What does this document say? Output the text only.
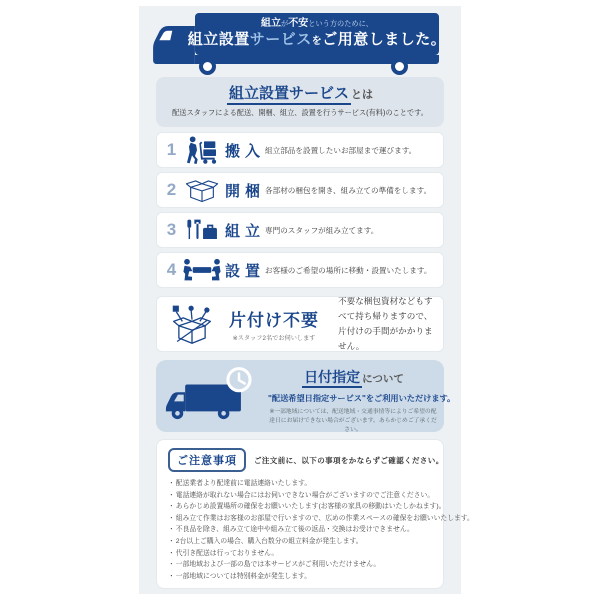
組立が不安という方のために、
組立設置サービスをご用意しました。
組立設置サービス とは
配送スタッフによる配送、開梱、組立、設置を行うサービス(有料)のことです。
1	搬入 組立部品を設置したいお部屋まで運びます。
2	開梱 各部材の梱包を開き、組み立ての準備をします。
3	組立 専門のスタッフが組み立てます。
4	設置 お客様のご希望の場所に移動・設置いたします。
片付け不要
※スタッフ2名でお伺いします
不要な梱包資材などもすべて持ち帰りますので、片付けの手間がかかりません。
日付指定 について
"配送希望日指定サービス"をご利用いただけます。
※一部地域については、配送地域・交通事情等によりご希望の配達日にお届けできない場合がございます。あらかじめご了承ください。
ご注意事項	ご注文前に、以下の事項をかならずご確認ください。
・ 配送業者より配達前に電話連絡いたします。
・ 電話連絡が取れない場合にはお伺いできない場合がございますのでご注意ください。
・ あらかじめ設置場所の確保をお願いいたします(お客様の家具の移動はいたしかねます)。
・ 組み立て作業はお客様のお部屋で行いますので、広めの作業スペースの確保をお願いいたします。
・ 不良品を除き、組み立て途中や組み立て後の返品・交換はお受けできません。
・ 2台以上ご購入の場合、購入台数分の組立料金が発生します。
・ 代引き配送は行っておりません。
・ 一部地域および一部の島では本サービスがご利用いただけません。
・ 一部地域については特別料金が発生します。
